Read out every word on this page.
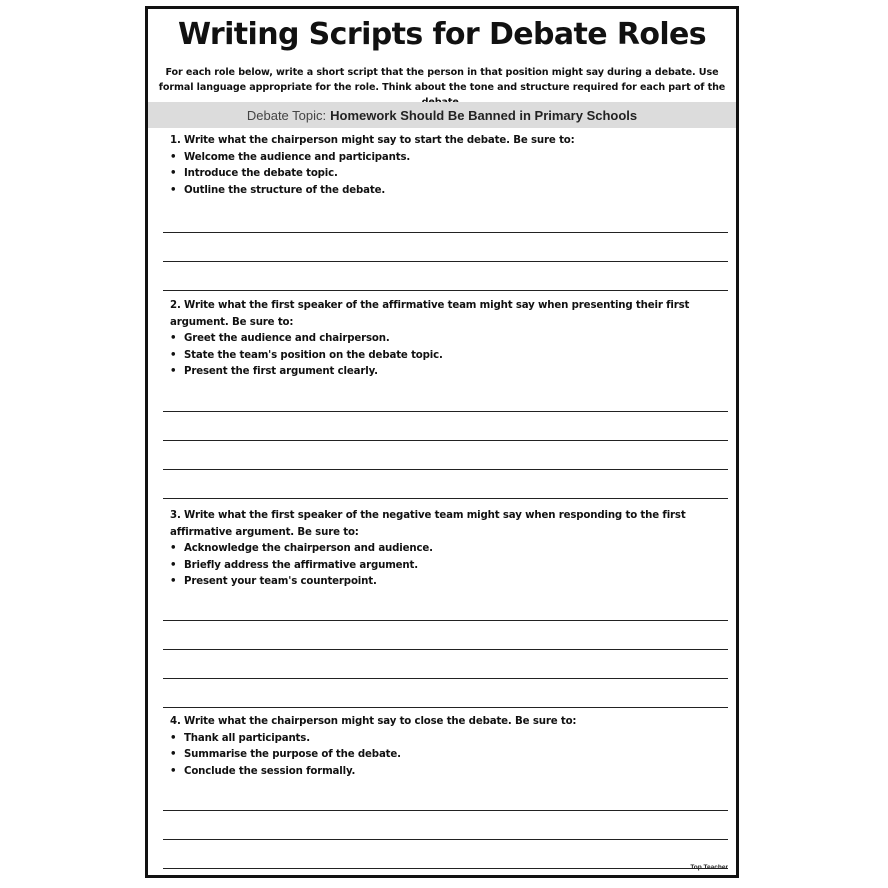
Writing Scripts for Debate Roles
For each role below, write a short script that the person in that position might say during a debate. Use formal language appropriate for the role. Think about the tone and structure required for each part of the
Debate Topic: Homework Should Be Banned in Primary Schools
1. Write what the chairperson might say to start the debate. Be sure to:
• Welcome the audience and participants.
• Introduce the debate topic.
• Outline the structure of the debate.
2. Write what the first speaker of the affirmative team might say when presenting their first argument. Be sure to:
• Greet the audience and chairperson.
• State the team's position on the debate topic.
• Present the first argument clearly.
3. Write what the first speaker of the negative team might say when responding to the first affirmative argument. Be sure to:
• Acknowledge the chairperson and audience.
• Briefly address the affirmative argument.
• Present your team's counterpoint.
4. Write what the chairperson might say to close the debate. Be sure to:
• Thank all participants.
• Summarise the purpose of the debate.
• Conclude the session formally.
Top Teacher
